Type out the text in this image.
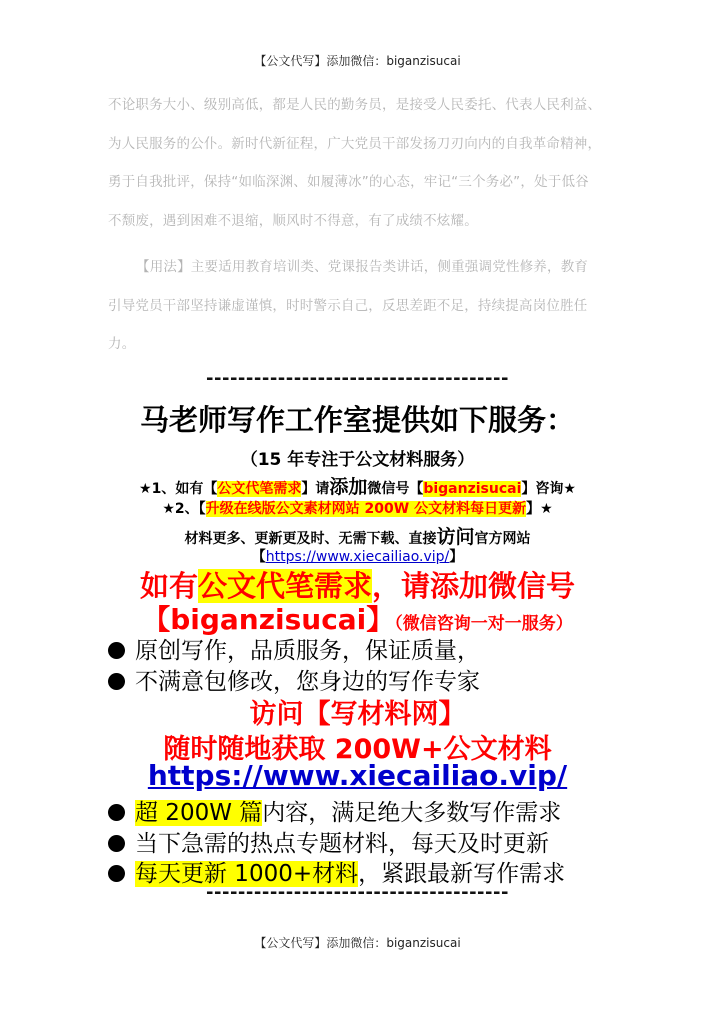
【公文代写】添加微信：biganzisucai
不论职务大小、级别高低，都是人民的勤务员，是接受人民委托、代表人民利益、
为人民服务的公仆。新时代新征程，广大党员干部发扬刀刃向内的自我革命精神，
勇于自我批评，保持“如临深渊、如履薄冰”的心态，牢记“三个务必”，处于低谷
不颓废，遇到困难不退缩，顺风时不得意，有了成绩不炫耀。
【用法】主要适用教育培训类、党课报告类讲话，侧重强调党性修养，教育
引导党员干部坚持谦虚谨慎，时时警示自己，反思差距不足，持续提高岗位胜任
力。
--------------------------------------
马老师写作工作室提供如下服务：
（15 年专注于公文材料服务）
★1、如有【公文代笔需求】请添加微信号【biganzisucai】咨询★
★2、【升级在线版公文素材网站 200W 公文材料每日更新】★
材料更多、更新更及时、无需下载、直接访问官方网站
【https://www.xiecailiao.vip/】
如有公文代笔需求，请添加微信号
【biganzisucai】（微信咨询一对一服务）
原创写作，品质服务，保证质量，
不满意包修改，您身边的写作专家
访问【写材料网】
随时随地获取 200W+公文材料
https://www.xiecailiao.vip/
超 200W 篇内容，满足绝大多数写作需求
当下急需的热点专题材料，每天及时更新
每天更新 1000+材料，紧跟最新写作需求
--------------------------------------
【公文代写】添加微信：biganzisucai
